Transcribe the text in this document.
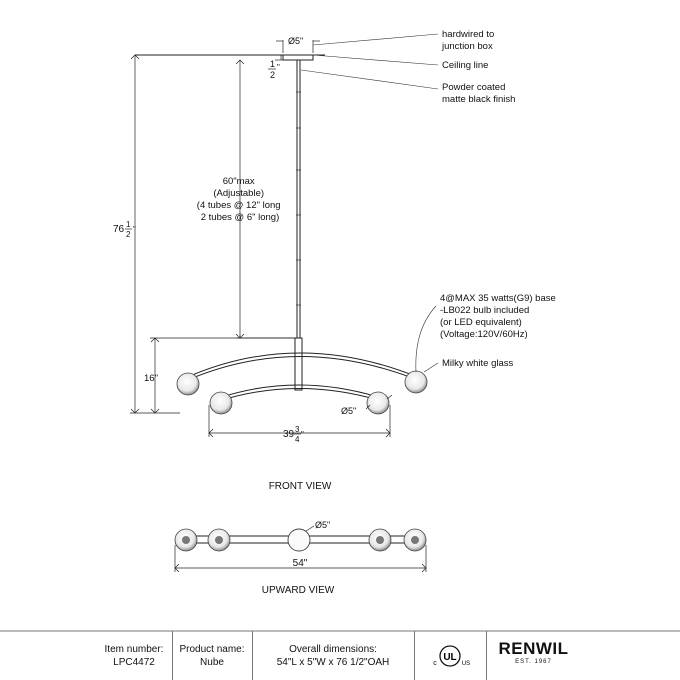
Ø5"
1
2
"
76 1
2
"
60"max (Adjustable) (4 tubes @ 12" long 2 tubes @ 6" long)
16"
39 3
4
"
Ø5"
FRONT VIEW
hardwired to junction box
Ceiling line
Powder coated matte black finish
4@MAX 35 watts(G9) base -LB022 bulb included (or LED equivalent) (Voltage:120V/60Hz)
Milky white glass
Ø5"
54"
UPWARD VIEW
Item number:
LPC4472
Product name:
Nube
Overall dimensions:
54"L x 5"W x 76 1/2"OAH	UL
c	US
RENWIL
EST. 1967
